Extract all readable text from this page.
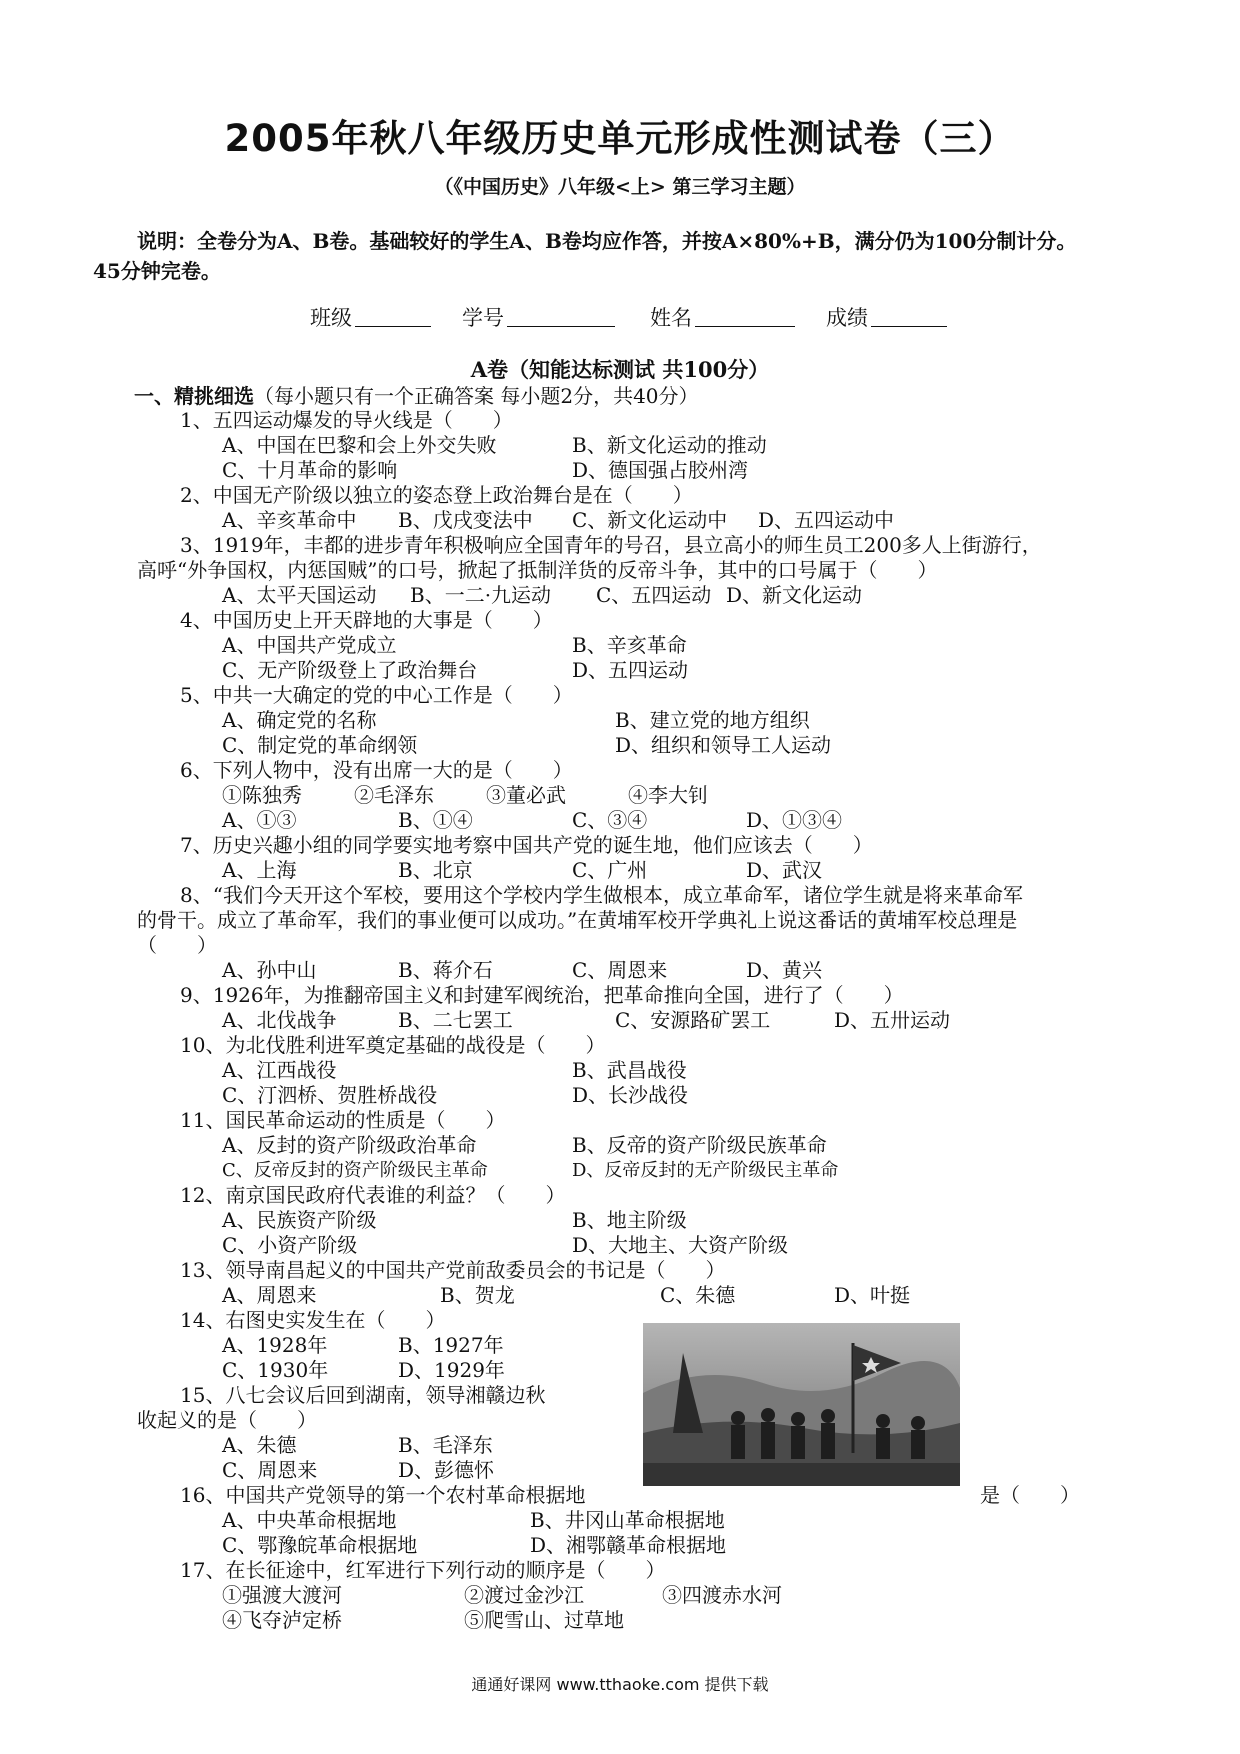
2005年秋八年级历史单元形成性测试卷（三）
（《中国历史》八年级<上> 第三学习主题）
说明：全卷分为A、B卷。基础较好的学生A、B卷均应作答，并按A×80%+B，满分仍为100分制计分。45分钟完卷。
班级	学号	姓名	成绩
A卷（知能达标测试 共100分）
一、精挑细选（每小题只有一个正确答案 每小题2分，共40分）
1、五四运动爆发的导火线是（　　）
A、中国在巴黎和会上外交失败	B、新文化运动的推动
C、十月革命的影响	D、德国强占胶州湾
2、中国无产阶级以独立的姿态登上政治舞台是在（　　）
A、辛亥革命中 B、戊戌变法中 C、新文化运动中 D、五四运动中
3、1919年，丰都的进步青年积极响应全国青年的号召，县立高小的师生员工200多人上街游行，
高呼“外争国权，内惩国贼”的口号，掀起了抵制洋货的反帝斗争，其中的口号属于（　　）
A、太平天国运动 B、一二·九运动 C、五四运动 D、新文化运动
4、中国历史上开天辟地的大事是（　　）
A、中国共产党成立	B、辛亥革命
C、无产阶级登上了政治舞台	D、五四运动
5、中共一大确定的党的中心工作是（　　）
A、确定党的名称	B、建立党的地方组织
C、制定党的革命纲领	D、组织和领导工人运动
6、下列人物中，没有出席一大的是（　　）
①陈独秀	②毛泽东	③董必武	④李大钊
A、①③	B、①④	C、③④	D、①③④
7、历史兴趣小组的同学要实地考察中国共产党的诞生地，他们应该去（　　）
A、上海	B、北京	C、广州	D、武汉
8、“我们今天开这个军校，要用这个学校内学生做根本，成立革命军，诸位学生就是将来革命军
的骨干。成立了革命军，我们的事业便可以成功。”在黄埔军校开学典礼上说这番话的黄埔军校总理是
（　　）
A、孙中山	B、蒋介石	C、周恩来	D、黄兴
9、1926年，为推翻帝国主义和封建军阀统治，把革命推向全国，进行了（　　）
A、北伐战争	B、二七罢工	C、安源路矿罢工	D、五卅运动
10、为北伐胜利进军奠定基础的战役是（　　）
A、江西战役	B、武昌战役
C、汀泗桥、贺胜桥战役	D、长沙战役
11、国民革命运动的性质是（　　）
A、反封的资产阶级政治革命	B、反帝的资产阶级民族革命
C、反帝反封的资产阶级民主革命	D、反帝反封的无产阶级民主革命
12、南京国民政府代表谁的利益？（　　）
A、民族资产阶级	B、地主阶级
C、小资产阶级	D、大地主、大资产阶级
13、领导南昌起义的中国共产党前敌委员会的书记是（　　）
A、周恩来	B、贺龙	C、朱德	D、叶挺
14、右图史实发生在（　　）
A、1928年	B、1927年
C、1930年	D、1929年
15、八七会议后回到湖南，领导湘赣边秋
收起义的是（　　）
A、朱德	B、毛泽东
C、周恩来	D、彭德怀
16、中国共产党领导的第一个农村革命根据地	是（　　）
A、中央革命根据地	B、井冈山革命根据地
C、鄂豫皖革命根据地	D、湘鄂赣革命根据地
17、在长征途中，红军进行下列行动的顺序是（　　）
①强渡大渡河	②渡过金沙江	③四渡赤水河
④飞夺泸定桥	⑤爬雪山、过草地
通通好课网 www.tthaoke.com 提供下载
